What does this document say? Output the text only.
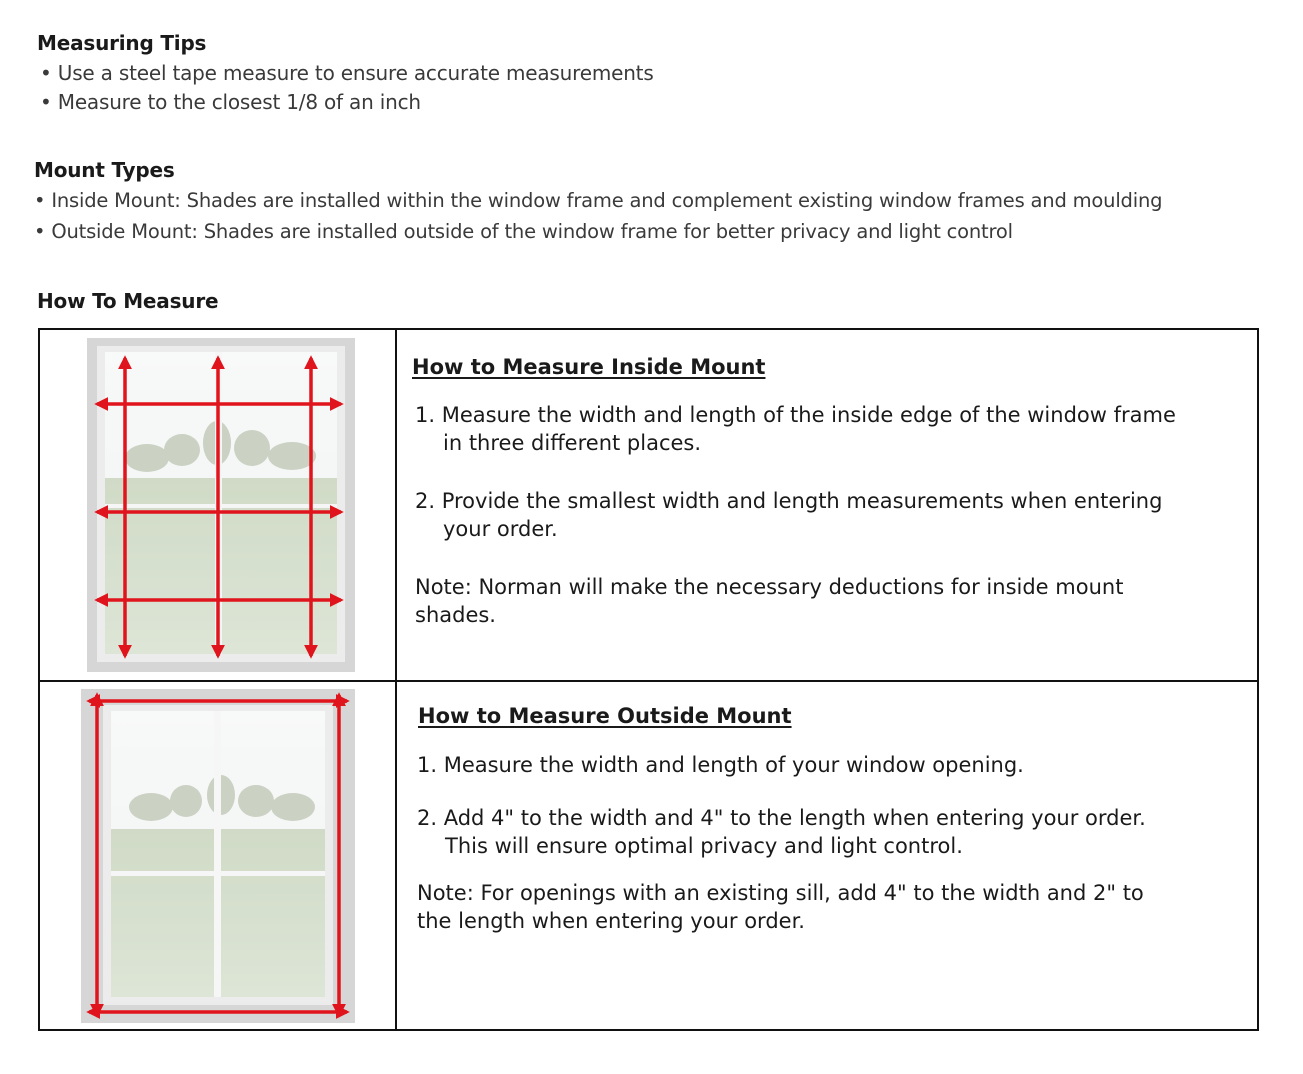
Measuring Tips
• Use a steel tape measure to ensure accurate measurements
• Measure to the closest 1/8 of an inch
Mount Types
• Inside Mount: Shades are installed within the window frame and complement existing window frames and moulding
• Outside Mount: Shades are installed outside of the window frame for better privacy and light control
How To Measure
How to Measure Inside Mount
1. Measure the width and length of the inside edge of the window frame
in three different places.
2. Provide the smallest width and length measurements when entering
your order.
Note: Norman will make the necessary deductions for inside mount
shades.
How to Measure Outside Mount
1. Measure the width and length of your window opening.
2. Add 4" to the width and 4" to the length when entering your order.
This will ensure optimal privacy and light control.
Note: For openings with an existing sill, add 4" to the width and 2" to
the length when entering your order.
